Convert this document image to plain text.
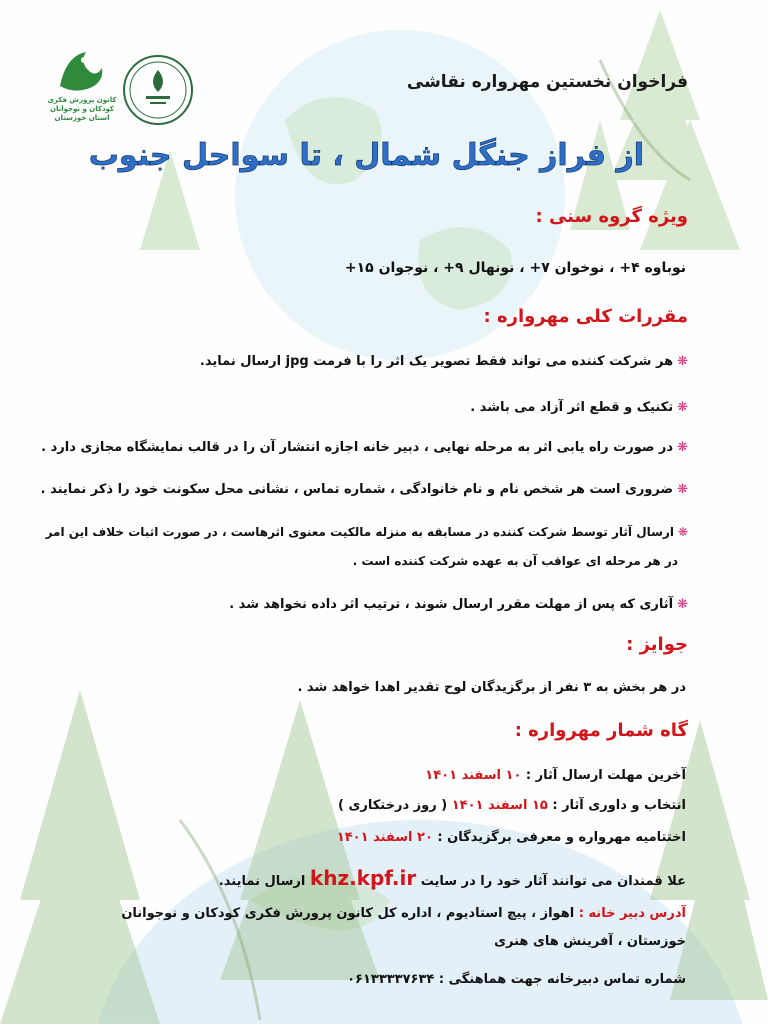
کانون پرورش فکری کودکان و نوجوانان استان خوزستان
فراخوان نخستین مهرواره نقاشی
از فراز جنگل شمال ، تا سواحل جنوب
ویژه گروه سنی :
نوباوه ۴+ ، نوخوان ۷+ ، نونهال ۹+ ، نوجوان ۱۵+
مقررات کلی مهرواره :
❋هر شرکت کننده می تواند فقط تصویر یک اثر را با فرمت jpg ارسال نماید.
❋تکنیک و قطع اثر آزاد می باشد .
❋در صورت راه یابی اثر به مرحله نهایی ، دبیر خانه اجازه انتشار آن را در قالب نمایشگاه مجازی دارد .
❋ضروری است هر شخص نام و نام خانوادگی ، شماره تماس ، نشانی محل سکونت خود را ذکر نمایند .
❋ارسال آثار توسط شرکت کننده در مسابقه به منزله مالکیت معنوی اثرهاست ، در صورت اثبات خلاف این امر
در هر مرحله ای عواقب آن به عهده شرکت کننده است .
❋آثاری که پس از مهلت مقرر ارسال شوند ، ترتیب اثر داده نخواهد شد .
جوایز :
در هر بخش به ۳ نفر از برگزیدگان لوح تقدیر اهدا خواهد شد .
گاه شمار مهرواره :
آخرین مهلت ارسال آثار : ۱۰ اسفند ۱۴۰۱
انتخاب و داوری آثار : ۱۵ اسفند ۱۴۰۱ ( روز درختکاری )
اختتامیه مهرواره و معرفی برگزیدگان : ۲۰ اسفند ۱۴۰۱
علا قمندان می توانند آثار خود را در سایت khz.kpf.ir ارسال نمایند.
آدرس دبیر خانه : اهواز ، پیچ استادیوم ، اداره کل کانون پرورش فکری کودکان و نوجوانان
خوزستان ، آفرینش های هنری
شماره تماس دبیرخانه جهت هماهنگی : ۰۶۱۳۳۳۳۷۶۳۴
